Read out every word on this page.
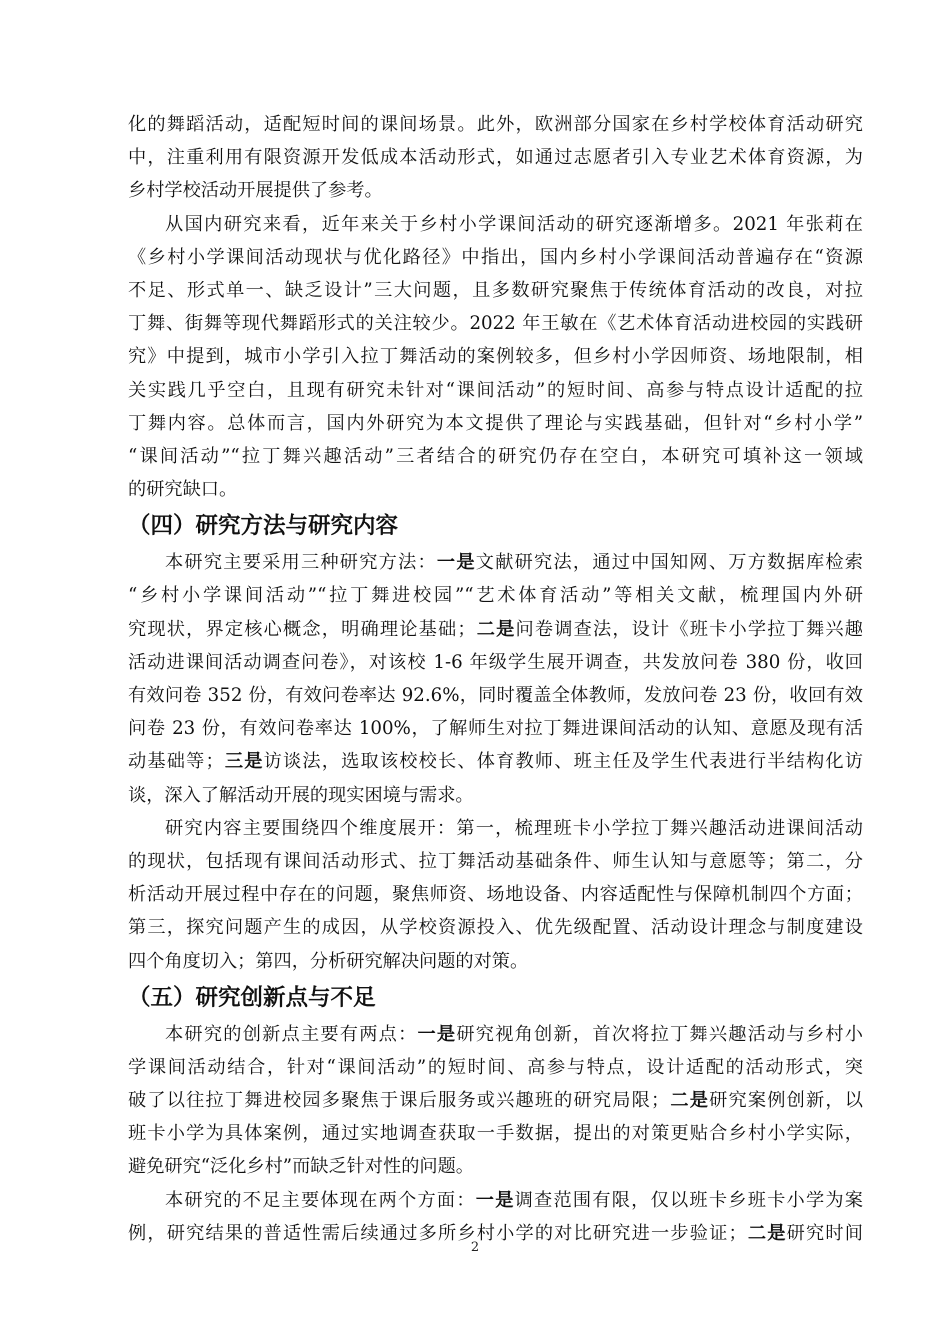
化的舞蹈活动，适配短时间的课间场景。此外，欧洲部分国家在乡村学校体育活动研究
中，注重利用有限资源开发低成本活动形式，如通过志愿者引入专业艺术体育资源，为
乡村学校活动开展提供了参考。
从国内研究来看，近年来关于乡村小学课间活动的研究逐渐增多。2021 年张莉在
《乡村小学课间活动现状与优化路径》中指出，国内乡村小学课间活动普遍存在“资源
不足、形式单一、缺乏设计”三大问题，且多数研究聚焦于传统体育活动的改良，对拉
丁舞、街舞等现代舞蹈形式的关注较少。2022 年王敏在《艺术体育活动进校园的实践研
究》中提到，城市小学引入拉丁舞活动的案例较多，但乡村小学因师资、场地限制，相
关实践几乎空白，且现有研究未针对“课间活动”的短时间、高参与特点设计适配的拉
丁舞内容。总体而言，国内外研究为本文提供了理论与实践基础，但针对“乡村小学”
“课间活动”“拉丁舞兴趣活动”三者结合的研究仍存在空白，本研究可填补这一领域
的研究缺口。
（四）研究方法与研究内容
本研究主要采用三种研究方法：一是文献研究法，通过中国知网、万方数据库检索
“乡村小学课间活动”“拉丁舞进校园”“艺术体育活动”等相关文献，梳理国内外研
究现状，界定核心概念，明确理论基础；二是问卷调查法，设计《班卡小学拉丁舞兴趣
活动进课间活动调查问卷》，对该校 1-6 年级学生展开调查，共发放问卷 380 份，收回
有效问卷 352 份，有效问卷率达 92.6%，同时覆盖全体教师，发放问卷 23 份，收回有效
问卷 23 份，有效问卷率达 100%，了解师生对拉丁舞进课间活动的认知、意愿及现有活
动基础等；三是访谈法，选取该校校长、体育教师、班主任及学生代表进行半结构化访
谈，深入了解活动开展的现实困境与需求。
研究内容主要围绕四个维度展开：第一，梳理班卡小学拉丁舞兴趣活动进课间活动
的现状，包括现有课间活动形式、拉丁舞活动基础条件、师生认知与意愿等；第二，分
析活动开展过程中存在的问题，聚焦师资、场地设备、内容适配性与保障机制四个方面；
第三，探究问题产生的成因，从学校资源投入、优先级配置、活动设计理念与制度建设
四个角度切入；第四，分析研究解决问题的对策。
（五）研究创新点与不足
本研究的创新点主要有两点：一是研究视角创新，首次将拉丁舞兴趣活动与乡村小
学课间活动结合，针对“课间活动”的短时间、高参与特点，设计适配的活动形式，突
破了以往拉丁舞进校园多聚焦于课后服务或兴趣班的研究局限；二是研究案例创新，以
班卡小学为具体案例，通过实地调查获取一手数据，提出的对策更贴合乡村小学实际，
避免研究“泛化乡村”而缺乏针对性的问题。
本研究的不足主要体现在两个方面：一是调查范围有限，仅以班卡乡班卡小学为案
例，研究结果的普适性需后续通过多所乡村小学的对比研究进一步验证；二是研究时间
2
